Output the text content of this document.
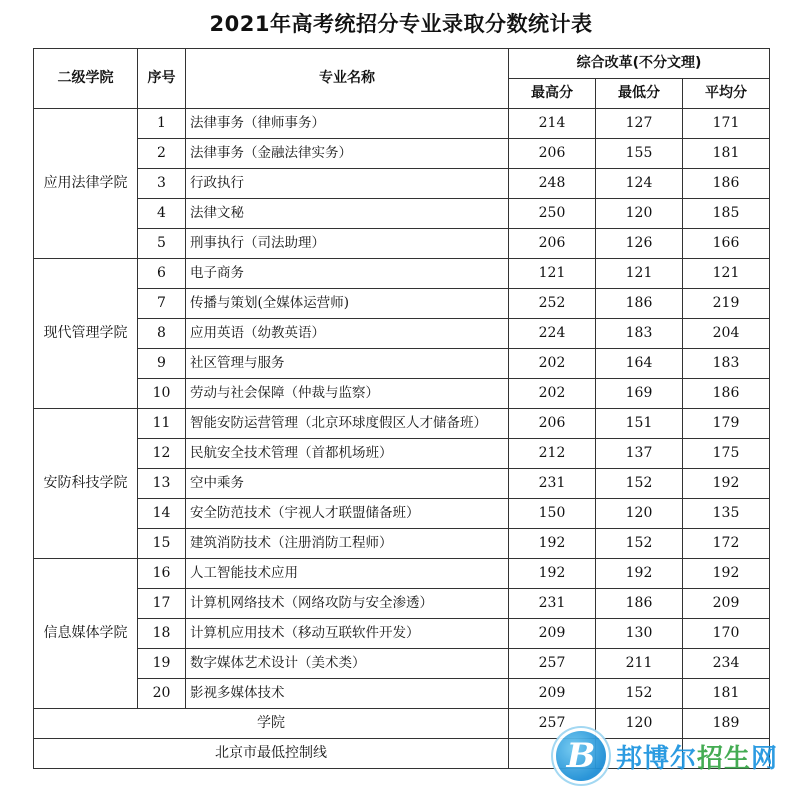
2021年高考统招分专业录取分数统计表
二级学院	序号	专业名称	综合改革(不分文理)		
			最高分	最低分	平均分
应用法律学院	1	法律事务（律师事务）	214	127	171
	2	法律事务（金融法律实务）	206	155	181
	3	行政执行	248	124	186
	4	法律文秘	250	120	185
	5	刑事执行（司法助理）	206	126	166
现代管理学院	6	电子商务	121	121	121
	7	传播与策划(全媒体运营师)	252	186	219
	8	应用英语（幼教英语）	224	183	204
	9	社区管理与服务	202	164	183
	10	劳动与社会保障（仲裁与监察）	202	169	186
安防科技学院	11	智能安防运营管理（北京环球度假区人才储备班）	206	151	179
	12	民航安全技术管理（首都机场班）	212	137	175
	13	空中乘务	231	152	192
	14	安全防范技术（宇视人才联盟储备班）	150	120	135
	15	建筑消防技术（注册消防工程师）	192	152	172
信息媒体学院	16	人工智能技术应用	192	192	192
	17	计算机网络技术（网络攻防与安全渗透）	231	186	209
	18	计算机应用技术（移动互联软件开发）	209	130	170
	19	数字媒体艺术设计（美术类）	257	211	234
	20	影视多媒体技术	209	152	181
学院			257	120	189
北京市最低控制线						B 邦博尔招生网
